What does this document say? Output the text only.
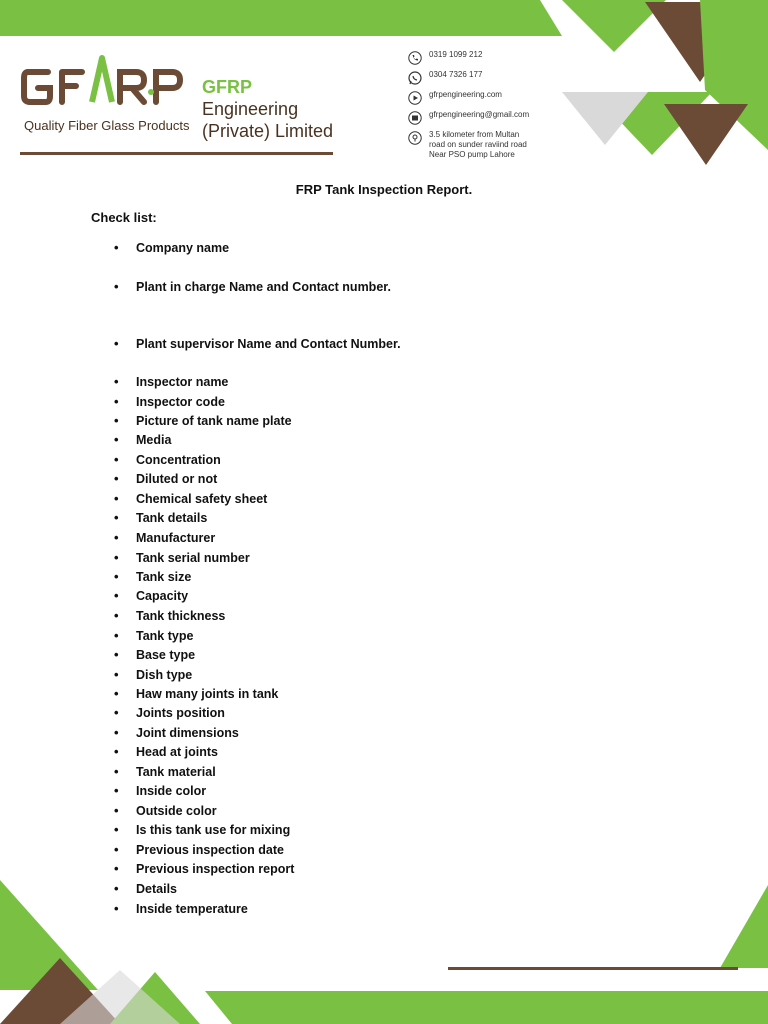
Quality Fiber Glass Products
GFRP
Engineering
(Private) Limited
0319 1099 212
0304 7326 177
gfrpengineering.com
gfrpengineering@gmail.com
3.5 kilometer from Multan
road on sunder raviind road
Near PSO pump Lahore
FRP Tank Inspection Report.
Check list:
• Company name
• Plant in charge Name and Contact number.
• Plant supervisor Name and Contact Number.
• Inspector name
• Inspector code
• Picture of tank name plate
• Media
• Concentration
• Diluted or not
• Chemical safety sheet
• Tank details
• Manufacturer
• Tank serial number
• Tank size
• Capacity
• Tank thickness
• Tank type
• Base type
• Dish type
• Haw many joints in tank
• Joints position
• Joint dimensions
• Head at joints
• Tank material
• Inside color
• Outside color
• Is this tank use for mixing
• Previous inspection date
• Previous inspection report
• Details
• Inside temperature
